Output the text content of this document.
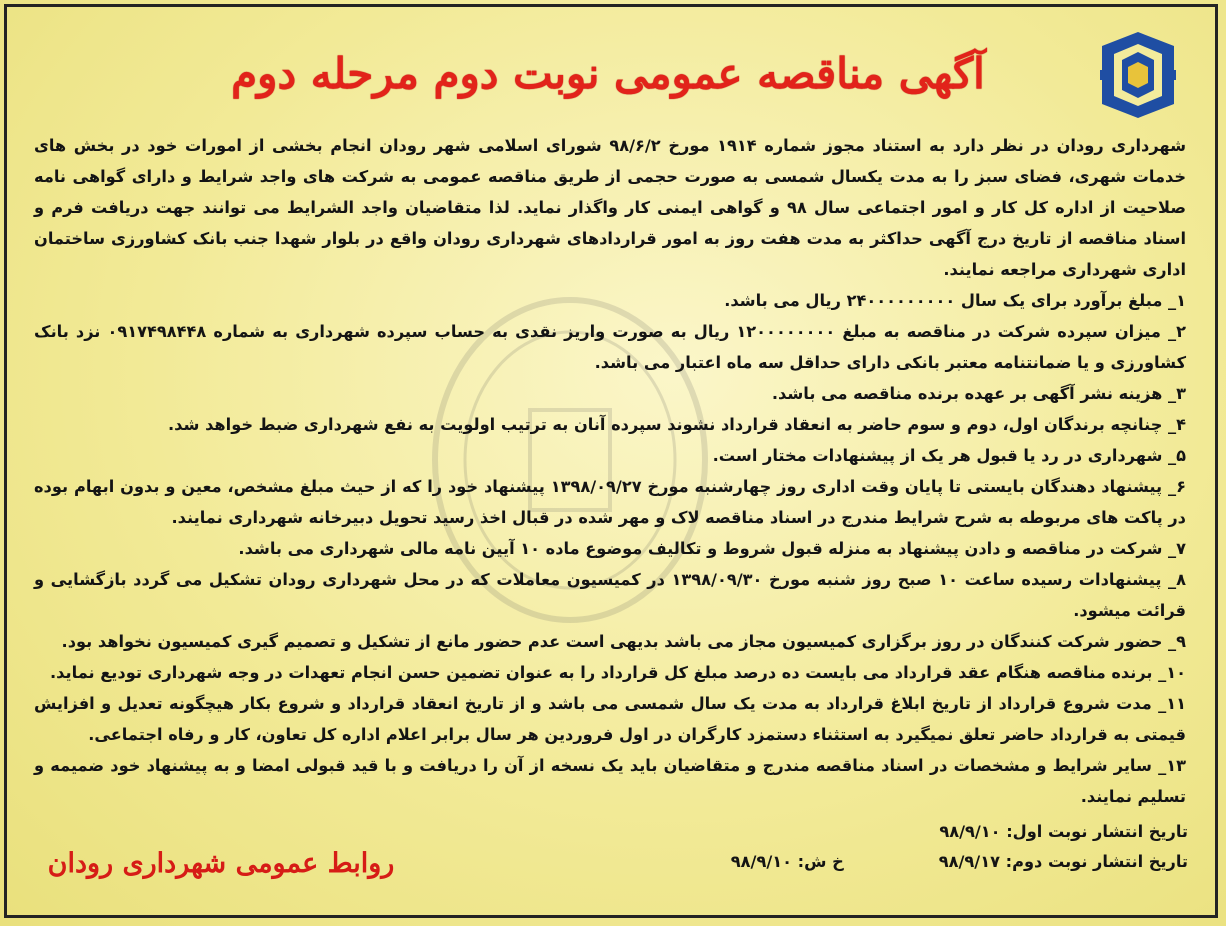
آگهی مناقصه عمومی نوبت دوم مرحله دوم

شهرداری رودان در نظر دارد به استناد مجوز شماره ۱۹۱۴ مورخ ۹۸/۶/۲ شورای اسلامی شهر رودان انجام بخشی از امورات خود در بخش های خدمات شهری، فضای سبز را به مدت یکسال شمسی به صورت حجمی از طریق مناقصه عمومی به شرکت های واجد شرایط و دارای گواهی نامه صلاحیت از اداره کل کار و امور اجتماعی سال ۹۸ و گواهی ایمنی کار واگذار نماید. لذا متقاضیان واجد الشرایط می توانند جهت دریافت فرم و اسناد مناقصه از تاریخ درج آگهی حداکثر به مدت هفت روز به امور قراردادهای شهرداری رودان واقع در بلوار شهدا جنب بانک کشاورزی ساختمان اداری شهرداری مراجعه نمایند.

۱_ مبلغ برآورد برای یک سال ۲۴۰۰۰۰۰۰۰۰۰ ریال می باشد.

۲_ میزان سپرده شرکت در مناقصه به مبلغ ۱۲۰۰۰۰۰۰۰۰ ریال به صورت واریز نقدی به حساب سپرده شهرداری به شماره ۰۹۱۷۴۹۸۴۴۸ نزد بانک کشاورزی و یا ضمانتنامه معتبر بانکی دارای حداقل سه ماه اعتبار می باشد.

۳_ هزینه نشر آگهی بر عهده برنده مناقصه می باشد.

۴_ چنانچه برندگان اول، دوم و سوم حاضر به انعقاد قرارداد نشوند سپرده آنان به ترتیب اولویت به نفع شهرداری ضبط خواهد شد.

۵_ شهرداری در رد یا قبول هر یک از پیشنهادات مختار است.

۶_ پیشنهاد دهندگان بایستی تا پایان وقت اداری روز چهارشنبه مورخ ۱۳۹۸/۰۹/۲۷ پیشنهاد خود را که از حیث مبلغ مشخص، معین و بدون ابهام بوده در پاکت های مربوطه به شرح شرایط مندرج در اسناد مناقصه لاک و مهر شده در قبال اخذ رسید تحویل دبیرخانه شهرداری نمایند.

۷_ شرکت در مناقصه و دادن پیشنهاد به منزله قبول شروط و تکالیف موضوع ماده ۱۰ آیین نامه مالی شهرداری می باشد.

۸_ پیشنهادات رسیده ساعت ۱۰ صبح روز شنبه مورخ ۱۳۹۸/۰۹/۳۰ در کمیسیون معاملات که در محل شهرداری رودان تشکیل می گردد بازگشایی و قرائت میشود.

۹_ حضور شرکت کنندگان در روز برگزاری کمیسیون مجاز می باشد بدیهی است عدم حضور مانع از تشکیل و تصمیم گیری کمیسیون نخواهد بود.

۱۰_ برنده مناقصه هنگام عقد قرارداد می بایست ده درصد مبلغ کل قرارداد را به عنوان تضمین حسن انجام تعهدات در وجه شهرداری تودیع نماید.

۱۱_ مدت شروع قرارداد از تاریخ ابلاغ قرارداد به مدت یک سال شمسی می باشد و از تاریخ انعقاد قرارداد و شروع بکار هیچگونه تعدیل و افزایش قیمتی به قرارداد حاضر تعلق نمیگیرد به استثناء دستمزد کارگران در اول فروردین هر سال برابر اعلام اداره کل تعاون، کار و رفاه اجتماعی.

۱۳_ سایر شرایط و مشخصات در اسناد مناقصه مندرج و متقاضیان باید یک نسخه از آن را دریافت و با قید قبولی امضا و به پیشنهاد خود ضمیمه و تسلیم نمایند.

تاریخ انتشار نوبت اول: ۹۸/۹/۱۰
تاریخ انتشار نوبت دوم: ۹۸/۹/۱۷
خ ش: ۹۸/۹/۱۰
روابط عمومی شهرداری رودان
